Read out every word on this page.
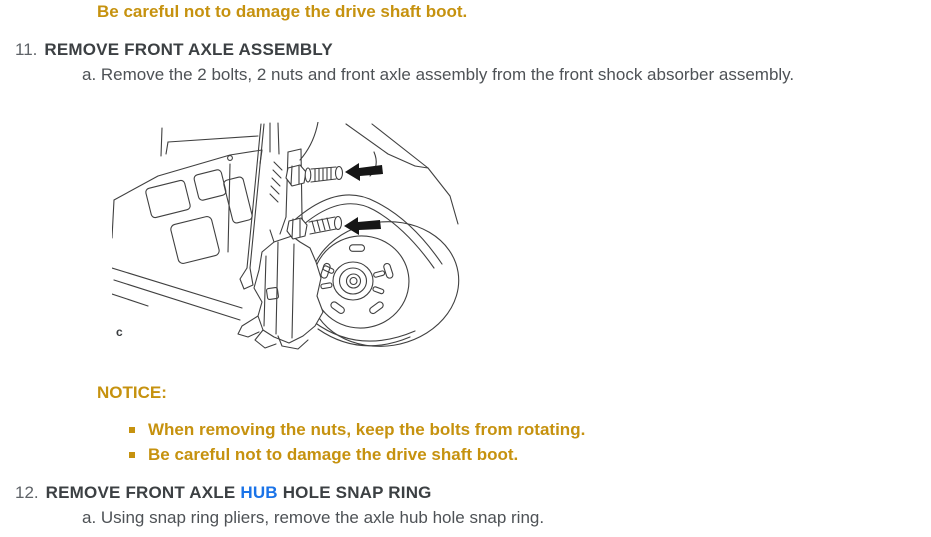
Be careful not to damage the drive shaft boot.

11. REMOVE FRONT AXLE ASSEMBLY
a. Remove the 2 bolts, 2 nuts and front axle assembly from the front shock absorber assembly.
c
NOTICE:
When removing the nuts, keep the bolts from rotating.
Be careful not to damage the drive shaft boot.
12. REMOVE FRONT AXLE HUB HOLE SNAP RING
a. Using snap ring pliers, remove the axle hub hole snap ring.
